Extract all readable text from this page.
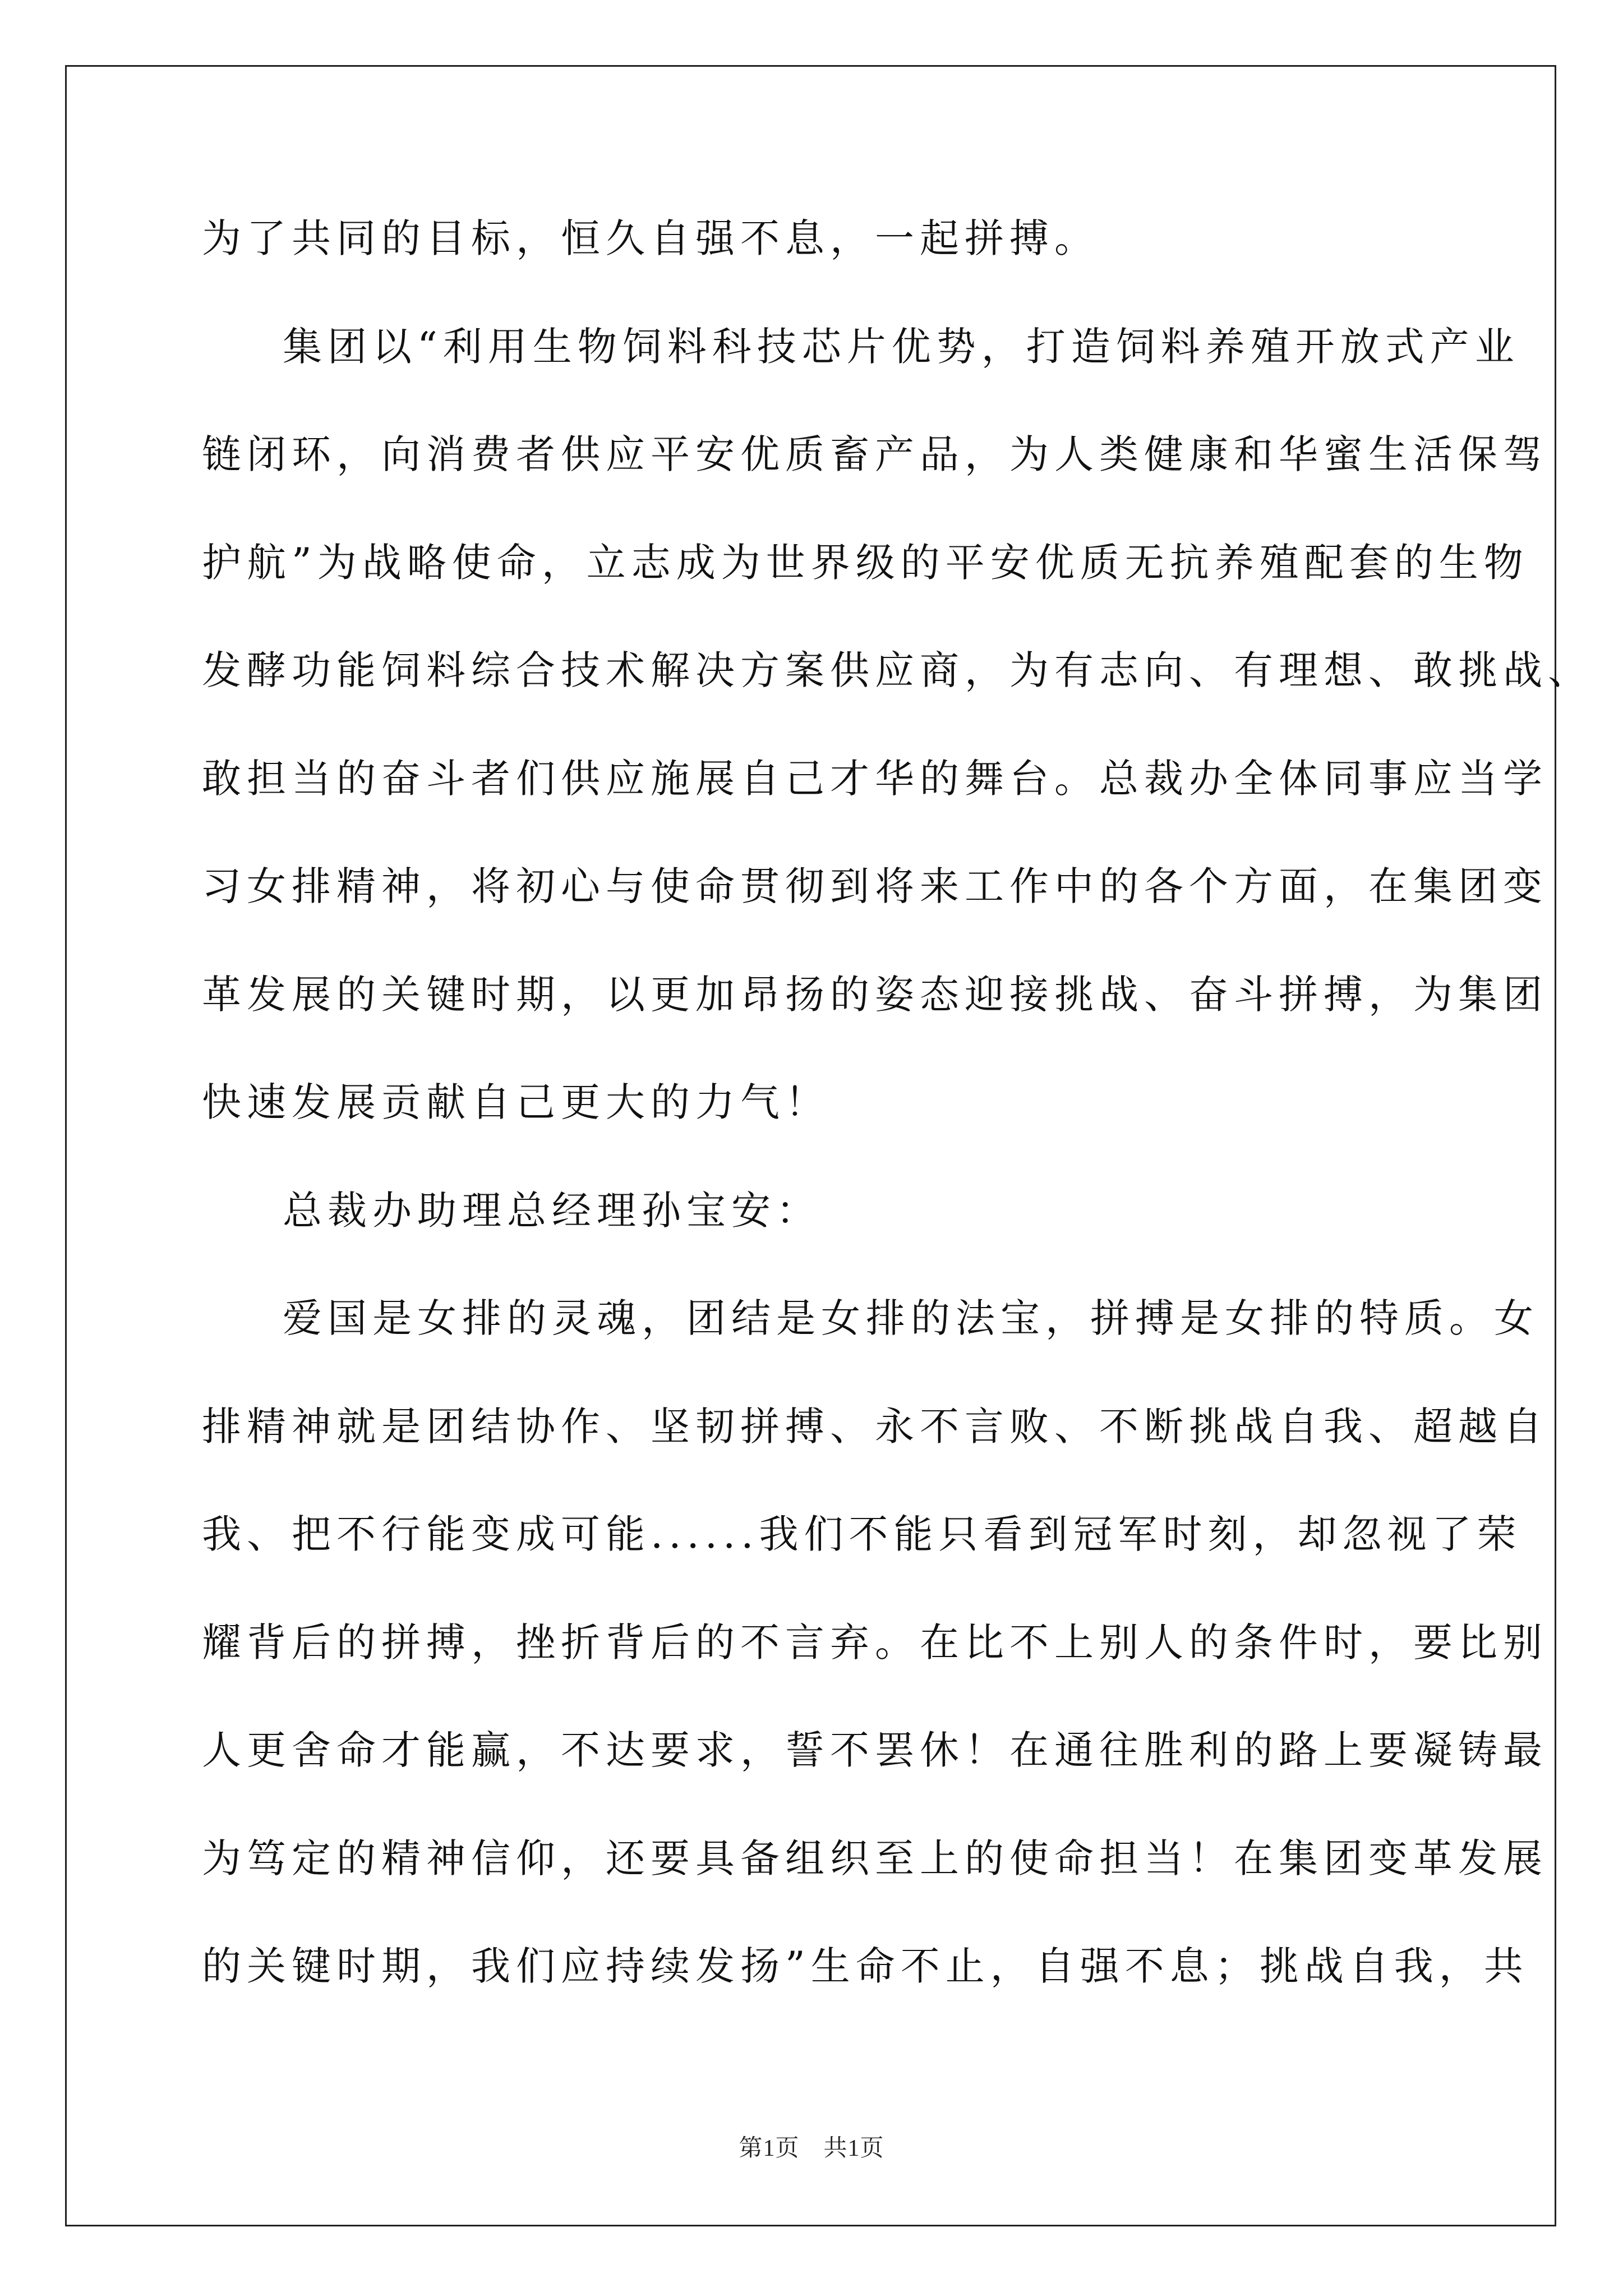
为了共同的目标，恒久自强不息，一起拼搏。
集团以“利用生物饲料科技芯片优势，打造饲料养殖开放式产业
链闭环，向消费者供应平安优质畜产品，为人类健康和华蜜生活保驾
护航”为战略使命，立志成为世界级的平安优质无抗养殖配套的生物
发酵功能饲料综合技术解决方案供应商，为有志向、有理想、敢挑战、
敢担当的奋斗者们供应施展自己才华的舞台。总裁办全体同事应当学
习女排精神，将初心与使命贯彻到将来工作中的各个方面，在集团变
革发展的关键时期，以更加昂扬的姿态迎接挑战、奋斗拼搏，为集团
快速发展贡献自己更大的力气！
总裁办助理总经理孙宝安：
爱国是女排的灵魂，团结是女排的法宝，拼搏是女排的特质。女
排精神就是团结协作、坚韧拼搏、永不言败、不断挑战自我、超越自
我、把不行能变成可能......我们不能只看到冠军时刻，却忽视了荣
耀背后的拼搏，挫折背后的不言弃。在比不上别人的条件时，要比别
人更舍命才能赢，不达要求，誓不罢休！在通往胜利的路上要凝铸最
为笃定的精神信仰，还要具备组织至上的使命担当！在集团变革发展
的关键时期，我们应持续发扬”生命不止，自强不息；挑战自我，共
第1页　共1页
